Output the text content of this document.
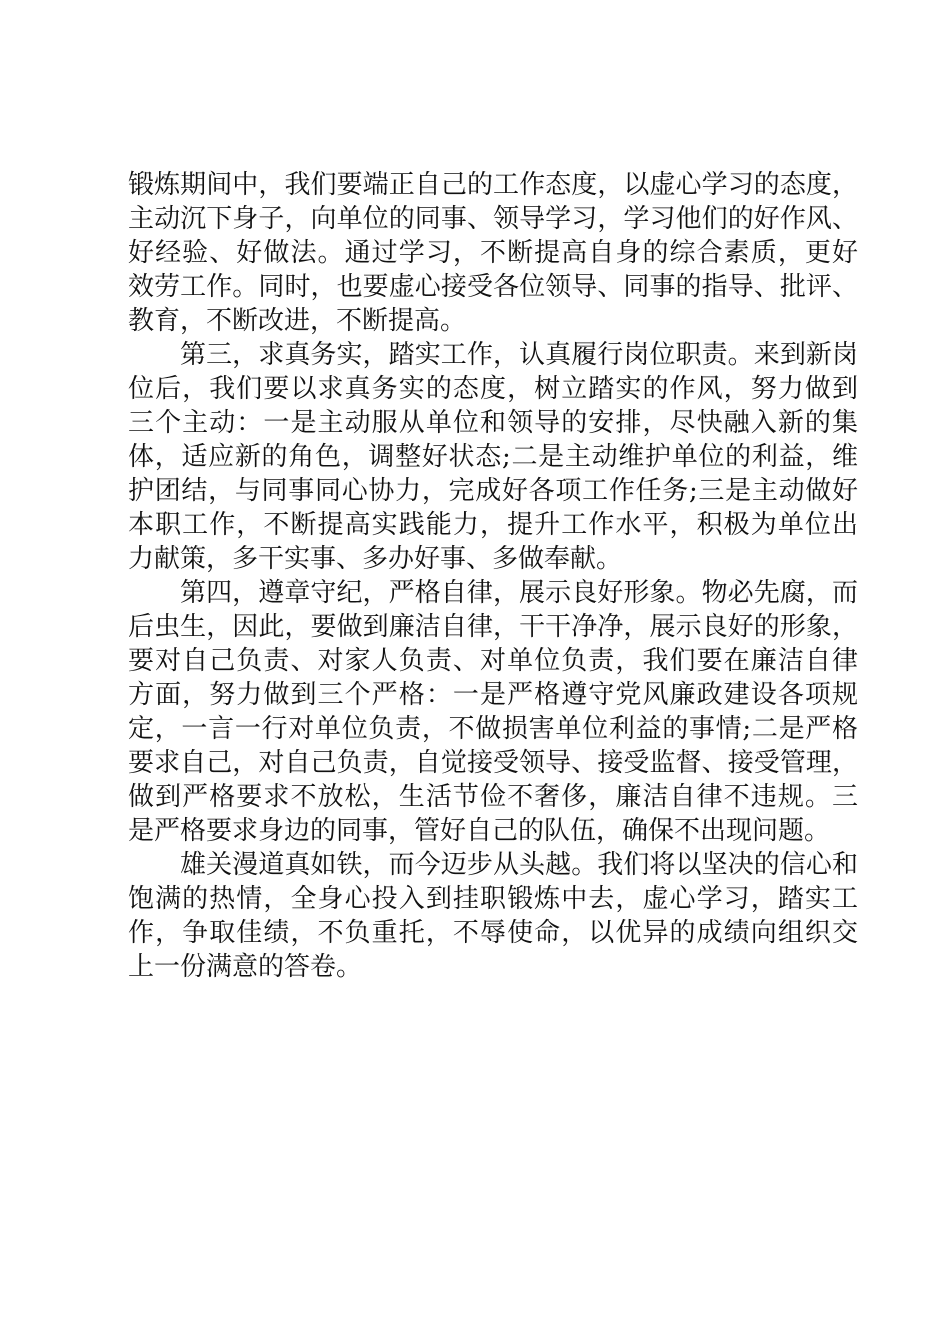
锻炼期间中，我们要端正自己的工作态度，以虚心学习的态度，

主动沉下身子，向单位的同事、领导学习，学习他们的好作风、

好经验、好做法。通过学习，不断提高自身的综合素质，更好

效劳工作。同时，也要虚心接受各位领导、同事的指导、批评、

教育，不断改进，不断提高。

第三，求真务实，踏实工作，认真履行岗位职责。来到新岗

位后，我们要以求真务实的态度，树立踏实的作风，努力做到

三个主动：一是主动服从单位和领导的安排，尽快融入新的集

体，适应新的角色，调整好状态;二是主动维护单位的利益，维

护团结，与同事同心协力，完成好各项工作任务;三是主动做好

本职工作，不断提高实践能力，提升工作水平，积极为单位出

力献策，多干实事、多办好事、多做奉献。

第四，遵章守纪，严格自律，展示良好形象。物必先腐，而

后虫生，因此，要做到廉洁自律，干干净净，展示良好的形象，

要对自己负责、对家人负责、对单位负责，我们要在廉洁自律

方面，努力做到三个严格：一是严格遵守党风廉政建设各项规

定，一言一行对单位负责，不做损害单位利益的事情;二是严格

要求自己，对自己负责，自觉接受领导、接受监督、接受管理，

做到严格要求不放松，生活节俭不奢侈，廉洁自律不违规。三

是严格要求身边的同事，管好自己的队伍，确保不出现问题。

雄关漫道真如铁，而今迈步从头越。我们将以坚决的信心和

饱满的热情，全身心投入到挂职锻炼中去，虚心学习，踏实工

作，争取佳绩，不负重托，不辱使命，以优异的成绩向组织交

上一份满意的答卷。
